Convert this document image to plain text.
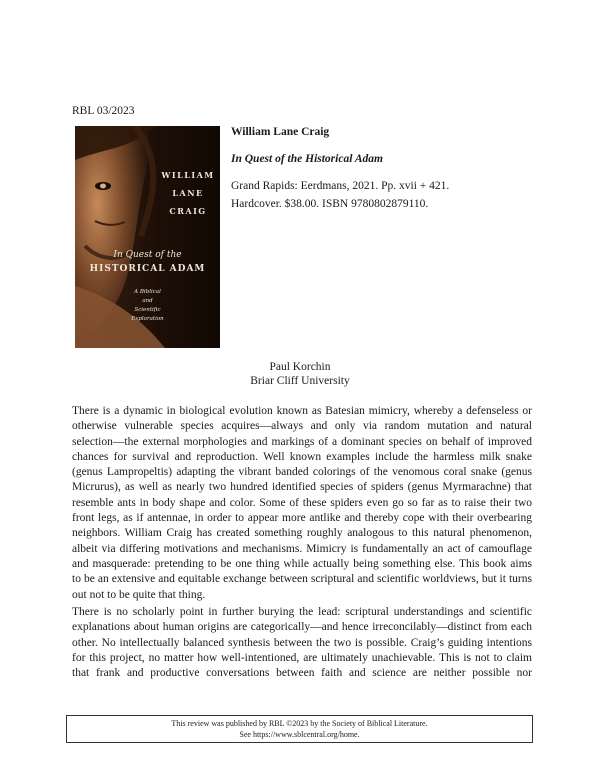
RBL 03/2023
WILLIAM
LANE
CRAIG
In Quest of the
HISTORICAL ADAM
A Biblical
and
Scientific
Exploration
William Lane Craig
In Quest of the Historical Adam
Grand Rapids: Eerdmans, 2021. Pp. xvii + 421.
Hardcover. $38.00. ISBN 9780802879110.
Paul Korchin
Briar Cliff University
There is a dynamic in biological evolution known as Batesian mimicry, whereby a defenseless or
otherwise vulnerable species acquires—always and only via random mutation and natural
selection—the external morphologies and markings of a dominant species on behalf of improved
chances for survival and reproduction. Well known examples include the harmless milk snake
(genus Lampropeltis) adapting the vibrant banded colorings of the venomous coral snake (genus
Micrurus), as well as nearly two hundred identified species of spiders (genus Myrmarachne) that
resemble ants in body shape and color. Some of these spiders even go so far as to raise their two
front legs, as if antennae, in order to appear more antlike and thereby cope with their overbearing
neighbors. William Craig has created something roughly analogous to this natural phenomenon,
albeit via differing motivations and mechanisms. Mimicry is fundamentally an act of camouflage
and masquerade: pretending to be one thing while actually being something else. This book aims
to be an extensive and equitable exchange between scriptural and scientific worldviews, but it turns
out not to be quite that thing.
There is no scholarly point in further burying the lead: scriptural understandings and scientific
explanations about human origins are categorically—and hence irreconcilably—distinct from each
other. No intellectually balanced synthesis between the two is possible. Craig’s guiding intentions
for this project, no matter how well-intentioned, are ultimately unachievable. This is not to claim
that frank and productive conversations between faith and science are neither possible nor
This review was published by RBL ©2023 by the Society of Biblical Literature.
See https://www.sblcentral.org/home.
